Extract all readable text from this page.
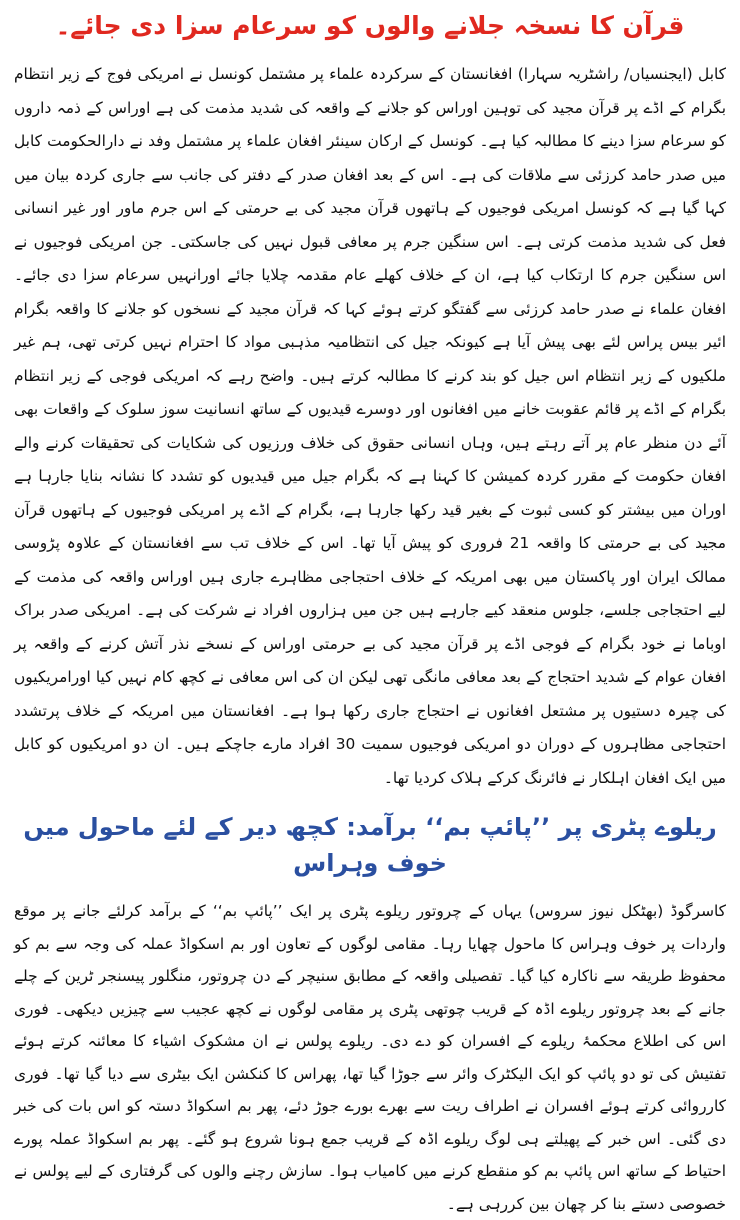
قرآن کا نسخہ جلانے والوں کو سرعام سزا دی جائے۔

کابل (ایجنسیاں/ راشٹریہ سہارا) افغانستان کے سرکردہ علماء پر مشتمل کونسل نے امریکی فوج کے زیر انتظام بگرام کے اڈے پر قرآن مجید کی توہین اوراس کو جلانے کے واقعہ کی شدید مذمت کی ہے اوراس کے ذمہ داروں کو سرعام سزا دینے کا مطالبہ کیا ہے۔ کونسل کے ارکان سینئر افغان علماء پر مشتمل وفد نے دارالحکومت کابل میں صدر حامد کرزئی سے ملاقات کی ہے۔ اس کے بعد افغان صدر کے دفتر کی جانب سے جاری کردہ بیان میں کہا گیا ہے کہ کونسل امریکی فوجیوں کے ہاتھوں قرآن مجید کی بے حرمتی کے اس جرم ماور اور غیر انسانی فعل کی شدید مذمت کرتی ہے۔ اس سنگین جرم پر معافی قبول نہیں کی جاسکتی۔ جن امریکی فوجیوں نے اس سنگین جرم کا ارتکاب کیا ہے، ان کے خلاف کھلے عام مقدمہ چلایا جائے اورانہیں سرعام سزا دی جائے۔ افغان علماء نے صدر حامد کرزئی سے گفتگو کرتے ہوئے کہا کہ قرآن مجید کے نسخوں کو جلانے کا واقعہ بگرام ائیر بیس پراس لئے بھی پیش آیا ہے کیونکہ جیل کی انتظامیہ مذہبی مواد کا احترام نہیں کرتی تھی، ہم غیر ملکیوں کے زیر انتظام اس جیل کو بند کرنے کا مطالبہ کرتے ہیں۔ واضح رہے کہ امریکی فوجی کے زیر انتظام بگرام کے اڈے پر قائم عقوبت خانے میں افغانوں اور دوسرے قیدیوں کے ساتھ انسانیت سوز سلوک کے واقعات بھی آئے دن منظر عام پر آتے رہتے ہیں، وہاں انسانی حقوق کی خلاف ورزیوں کی شکایات کی تحقیقات کرنے والے افغان حکومت کے مقرر کردہ کمیشن کا کہنا ہے کہ بگرام جیل میں قیدیوں کو تشدد کا نشانہ بنایا جارہا ہے اوران میں بیشتر کو کسی ثبوت کے بغیر قید رکھا جارہا ہے، بگرام کے اڈے پر امریکی فوجیوں کے ہاتھوں قرآن مجید کی بے حرمتی کا واقعہ 21 فروری کو پیش آیا تھا۔ اس کے خلاف تب سے افغانستان کے علاوہ پڑوسی ممالک ایران اور پاکستان میں بھی امریکہ کے خلاف احتجاجی مظاہرے جاری ہیں اوراس واقعہ کی مذمت کے لیے احتجاجی جلسے، جلوس منعقد کیے جارہے ہیں جن میں ہزاروں افراد نے شرکت کی ہے۔ امریکی صدر براک اوباما نے خود بگرام کے فوجی اڈے پر قرآن مجید کی بے حرمتی اوراس کے نسخے نذر آتش کرنے کے واقعہ پر افغان عوام کے شدید احتجاج کے بعد معافی مانگی تھی لیکن ان کی اس معافی نے کچھ کام نہیں کیا اورامریکیوں کی چیرہ دستیوں پر مشتعل افغانوں نے احتجاج جاری رکھا ہوا ہے۔ افغانستان میں امریکہ کے خلاف پرتشدد احتجاجی مظاہروں کے دوران دو امریکی فوجیوں سمیت 30 افراد مارے جاچکے ہیں۔ ان دو امریکیوں کو کابل میں ایک افغان اہلکار نے فائرنگ کرکے ہلاک کردیا تھا۔

ریلوے پٹری پر ’’پائپ بم‘‘ برآمد: کچھ دیر کے لئے ماحول میں خوف وہراس

کاسرگوڈ (بھٹکل نیوز سروس) یہاں کے چروتور ریلوے پٹری پر ایک ’’پائپ بم‘‘ کے برآمد کرلئے جانے پر موقع واردات پر خوف وہراس کا ماحول چھایا رہا۔ مقامی لوگوں کے تعاون اور بم اسکواڈ عملہ کی وجہ سے بم کو محفوظ طریقہ سے ناکارہ کیا گیا۔ تفصیلی واقعہ کے مطابق سنیچر کے دن چروتور، منگلور پیسنجر ٹرین کے چلے جانے کے بعد چروتور ریلوے اڈہ کے قریب چوتھی پٹری پر مقامی لوگوں نے کچھ عجیب سے چیزیں دیکھی۔ فوری اس کی اطلاع محکمۂ ریلوے کے افسران کو دے دی۔ ریلوے پولس نے ان مشکوک اشیاء کا معائنہ کرتے ہوئے تفتیش کی تو دو پائپ کو ایک الیکٹرک وائر سے جوڑا گیا تھا، پھراس کا کنکشن ایک بیٹری سے دیا گیا تھا۔ فوری کارروائی کرتے ہوئے افسران نے اطراف ریت سے بھرے بورے جوڑ دئے، پھر بم اسکواڈ دستہ کو اس بات کی خبر دی گئی۔ اس خبر کے پھیلتے ہی لوگ ریلوے اڈہ کے قریب جمع ہونا شروع ہو گئے۔ پھر بم اسکواڈ عملہ پورے احتیاط کے ساتھ اس پائپ بم کو منقطع کرنے میں کامیاب ہوا۔ سازش رچنے والوں کی گرفتاری کے لیے پولس نے خصوصی دستے بنا کر چھان بین کررہی ہے۔
